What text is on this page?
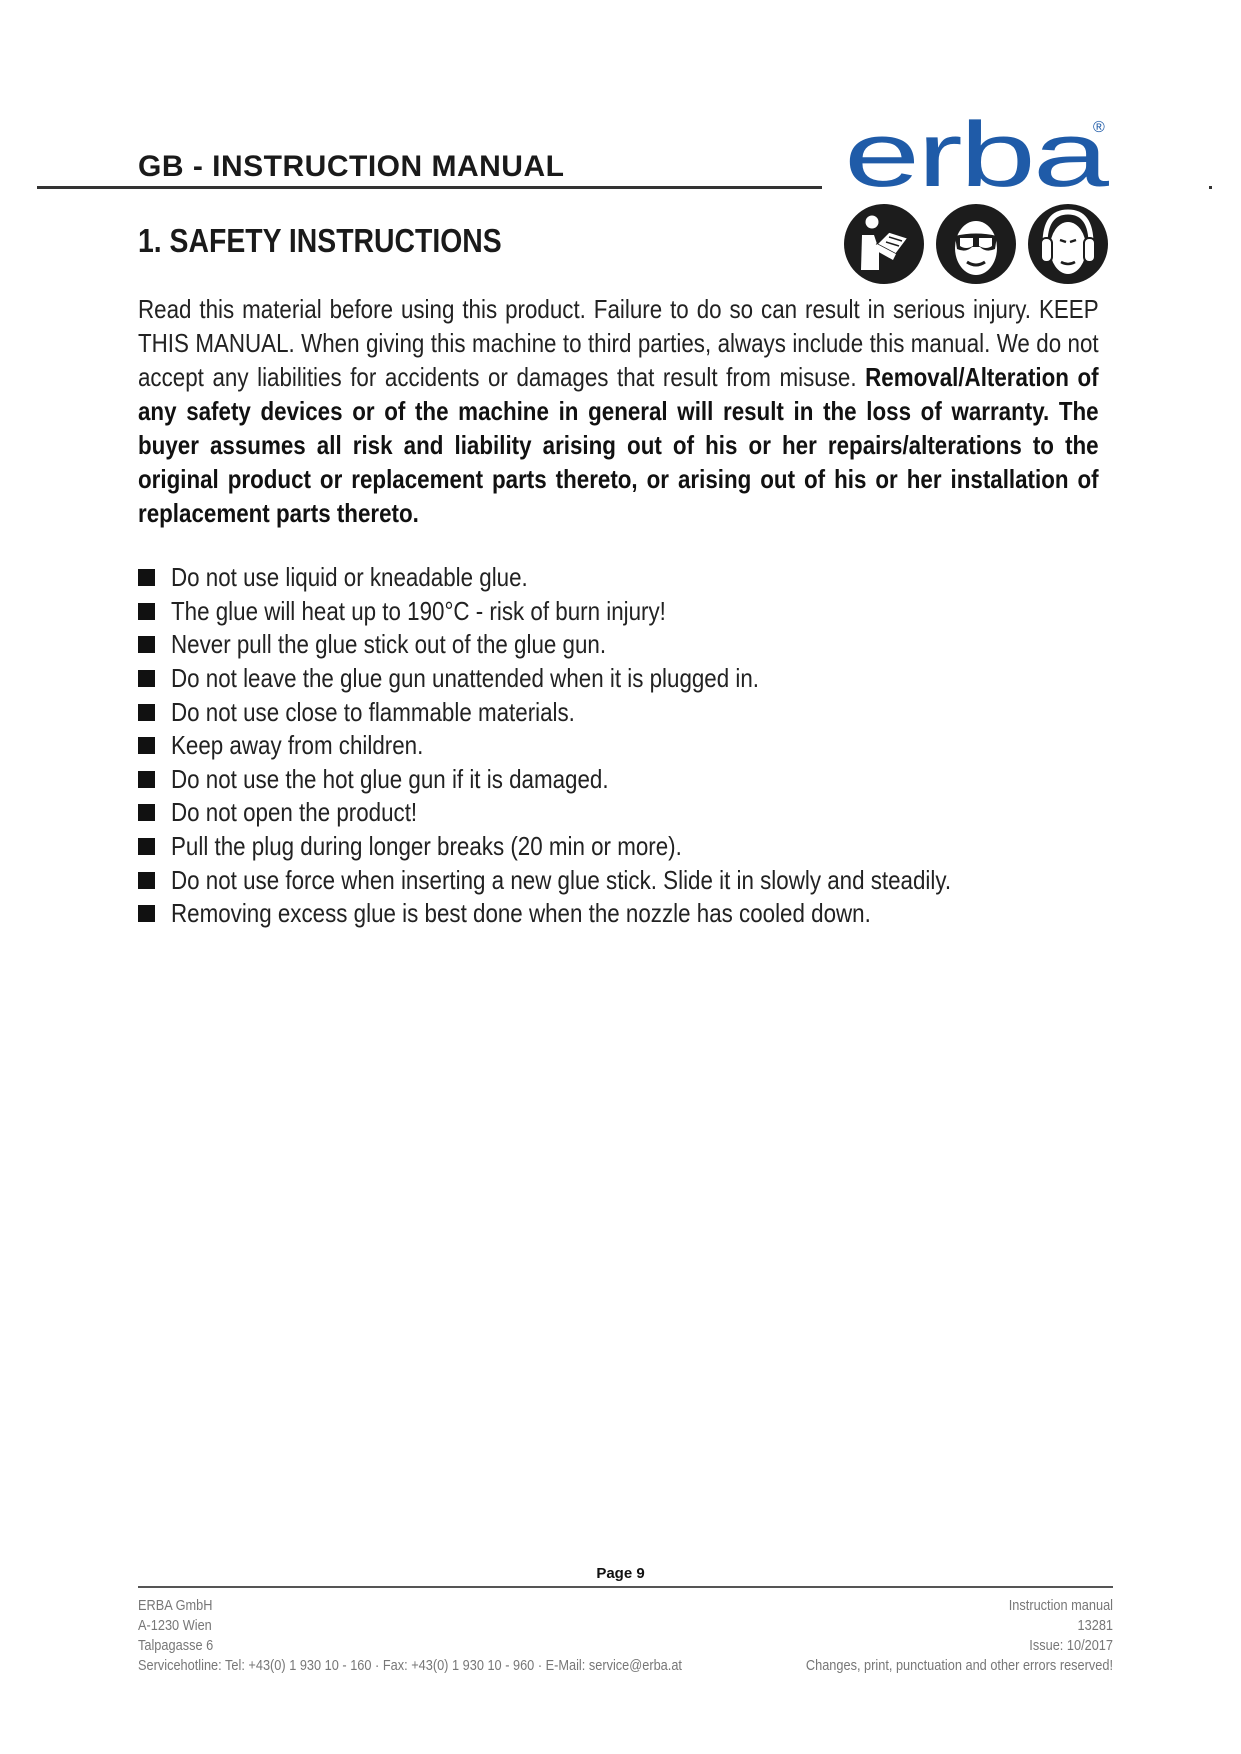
GB - INSTRUCTION MANUAL	erba
®
1. SAFETY INSTRUCTIONS

Read this material before using this product. Failure to do so can result in serious injury. KEEP THIS MANUAL. When giving this machine to third parties, always include this manual. We do not accept any liabilities for accidents or damages that result from misuse. Removal/Alteration of any safety devices or of the machine in general will result in the loss of warranty. The buyer assumes all risk and liability arising out of his or her repairs/alterations to the original product or replacement parts thereto, or arising out of his or her installation of replacement parts thereto.

Do not use liquid or kneadable glue.
The glue will heat up to 190°C - risk of burn injury!
Never pull the glue stick out of the glue gun.
Do not leave the glue gun unattended when it is plugged in.
Do not use close to flammable materials.
Keep away from children.
Do not use the hot glue gun if it is damaged.
Do not open the product!
Pull the plug during longer breaks (20 min or more).
Do not use force when inserting a new glue stick. Slide it in slowly and steadily.
Removing excess glue is best done when the nozzle has cooled down.
Page 9
ERBA GmbH
A-1230 Wien
Talpagasse 6
Servicehotline: Tel: +43(0) 1 930 10 - 160 · Fax: +43(0) 1 930 10 - 960 · E-Mail: service@erba.at
Instruction manual
13281
Issue: 10/2017
Changes, print, punctuation and other errors reserved!
